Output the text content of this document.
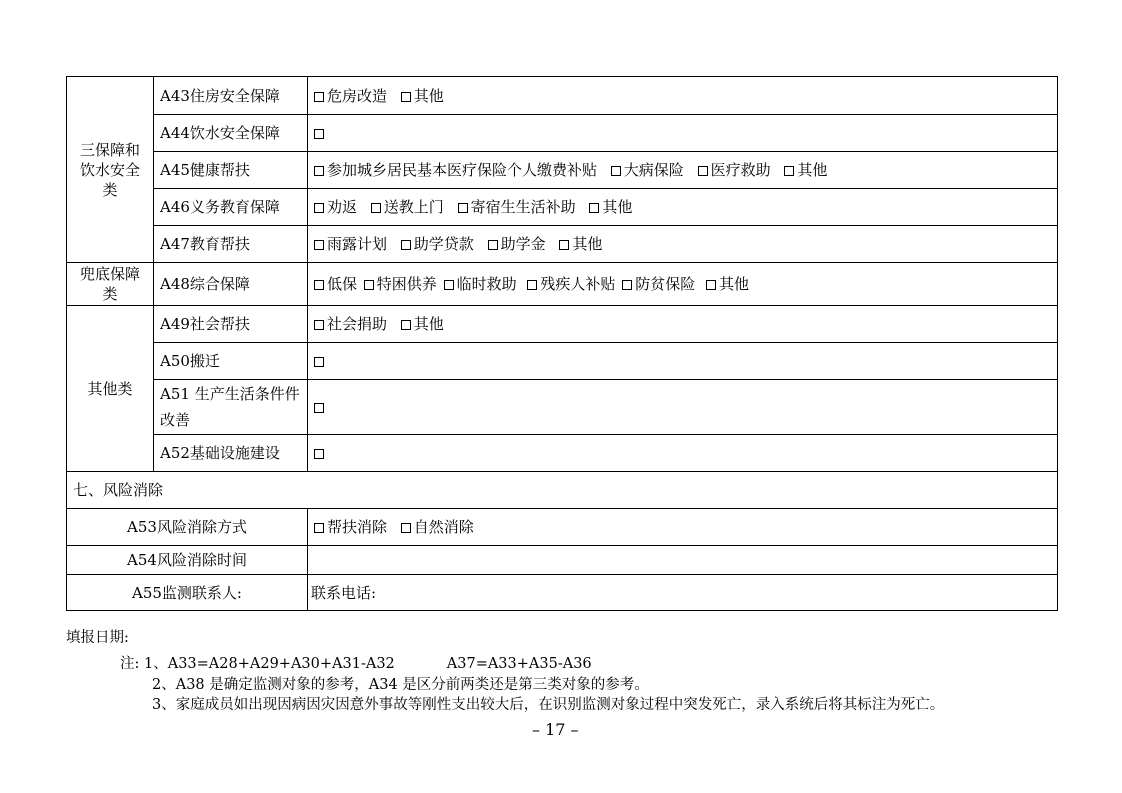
三保障和
饮水安全
类	A43住房安全保障	危房改造 其他
	A44饮水安全保障	
	A45健康帮扶	参加城乡居民基本医疗保险个人缴费补贴 大病保险 医疗救助 其他
	A46义务教育保障	劝返 送教上门 寄宿生生活补助 其他
	A47教育帮扶	雨露计划 助学贷款 助学金 其他
兜底保障类	A48综合保障	低保 特困供养 临时救助 残疾人补贴 防贫保险 其他
其他类	A49社会帮扶	社会捐助 其他
	A50搬迁	

	A51 生产生活条件件
改善	

	A52基础设施建设	
七、风险消除		
A53风险消除方式		帮扶消除 自然消除
A54风险消除时间		
A55监测联系人:		联系电话:
填报日期:
注: 1、A33=A28+A29+A30+A31-A32	A37=A33+A35-A36
2、A38 是确定监测对象的参考，A34 是区分前两类还是第三类对象的参考。
3、家庭成员如出现因病因灾因意外事故等刚性支出较大后，在识别监测对象过程中突发死亡，录入系统后将其标注为死亡。
– 17 –
